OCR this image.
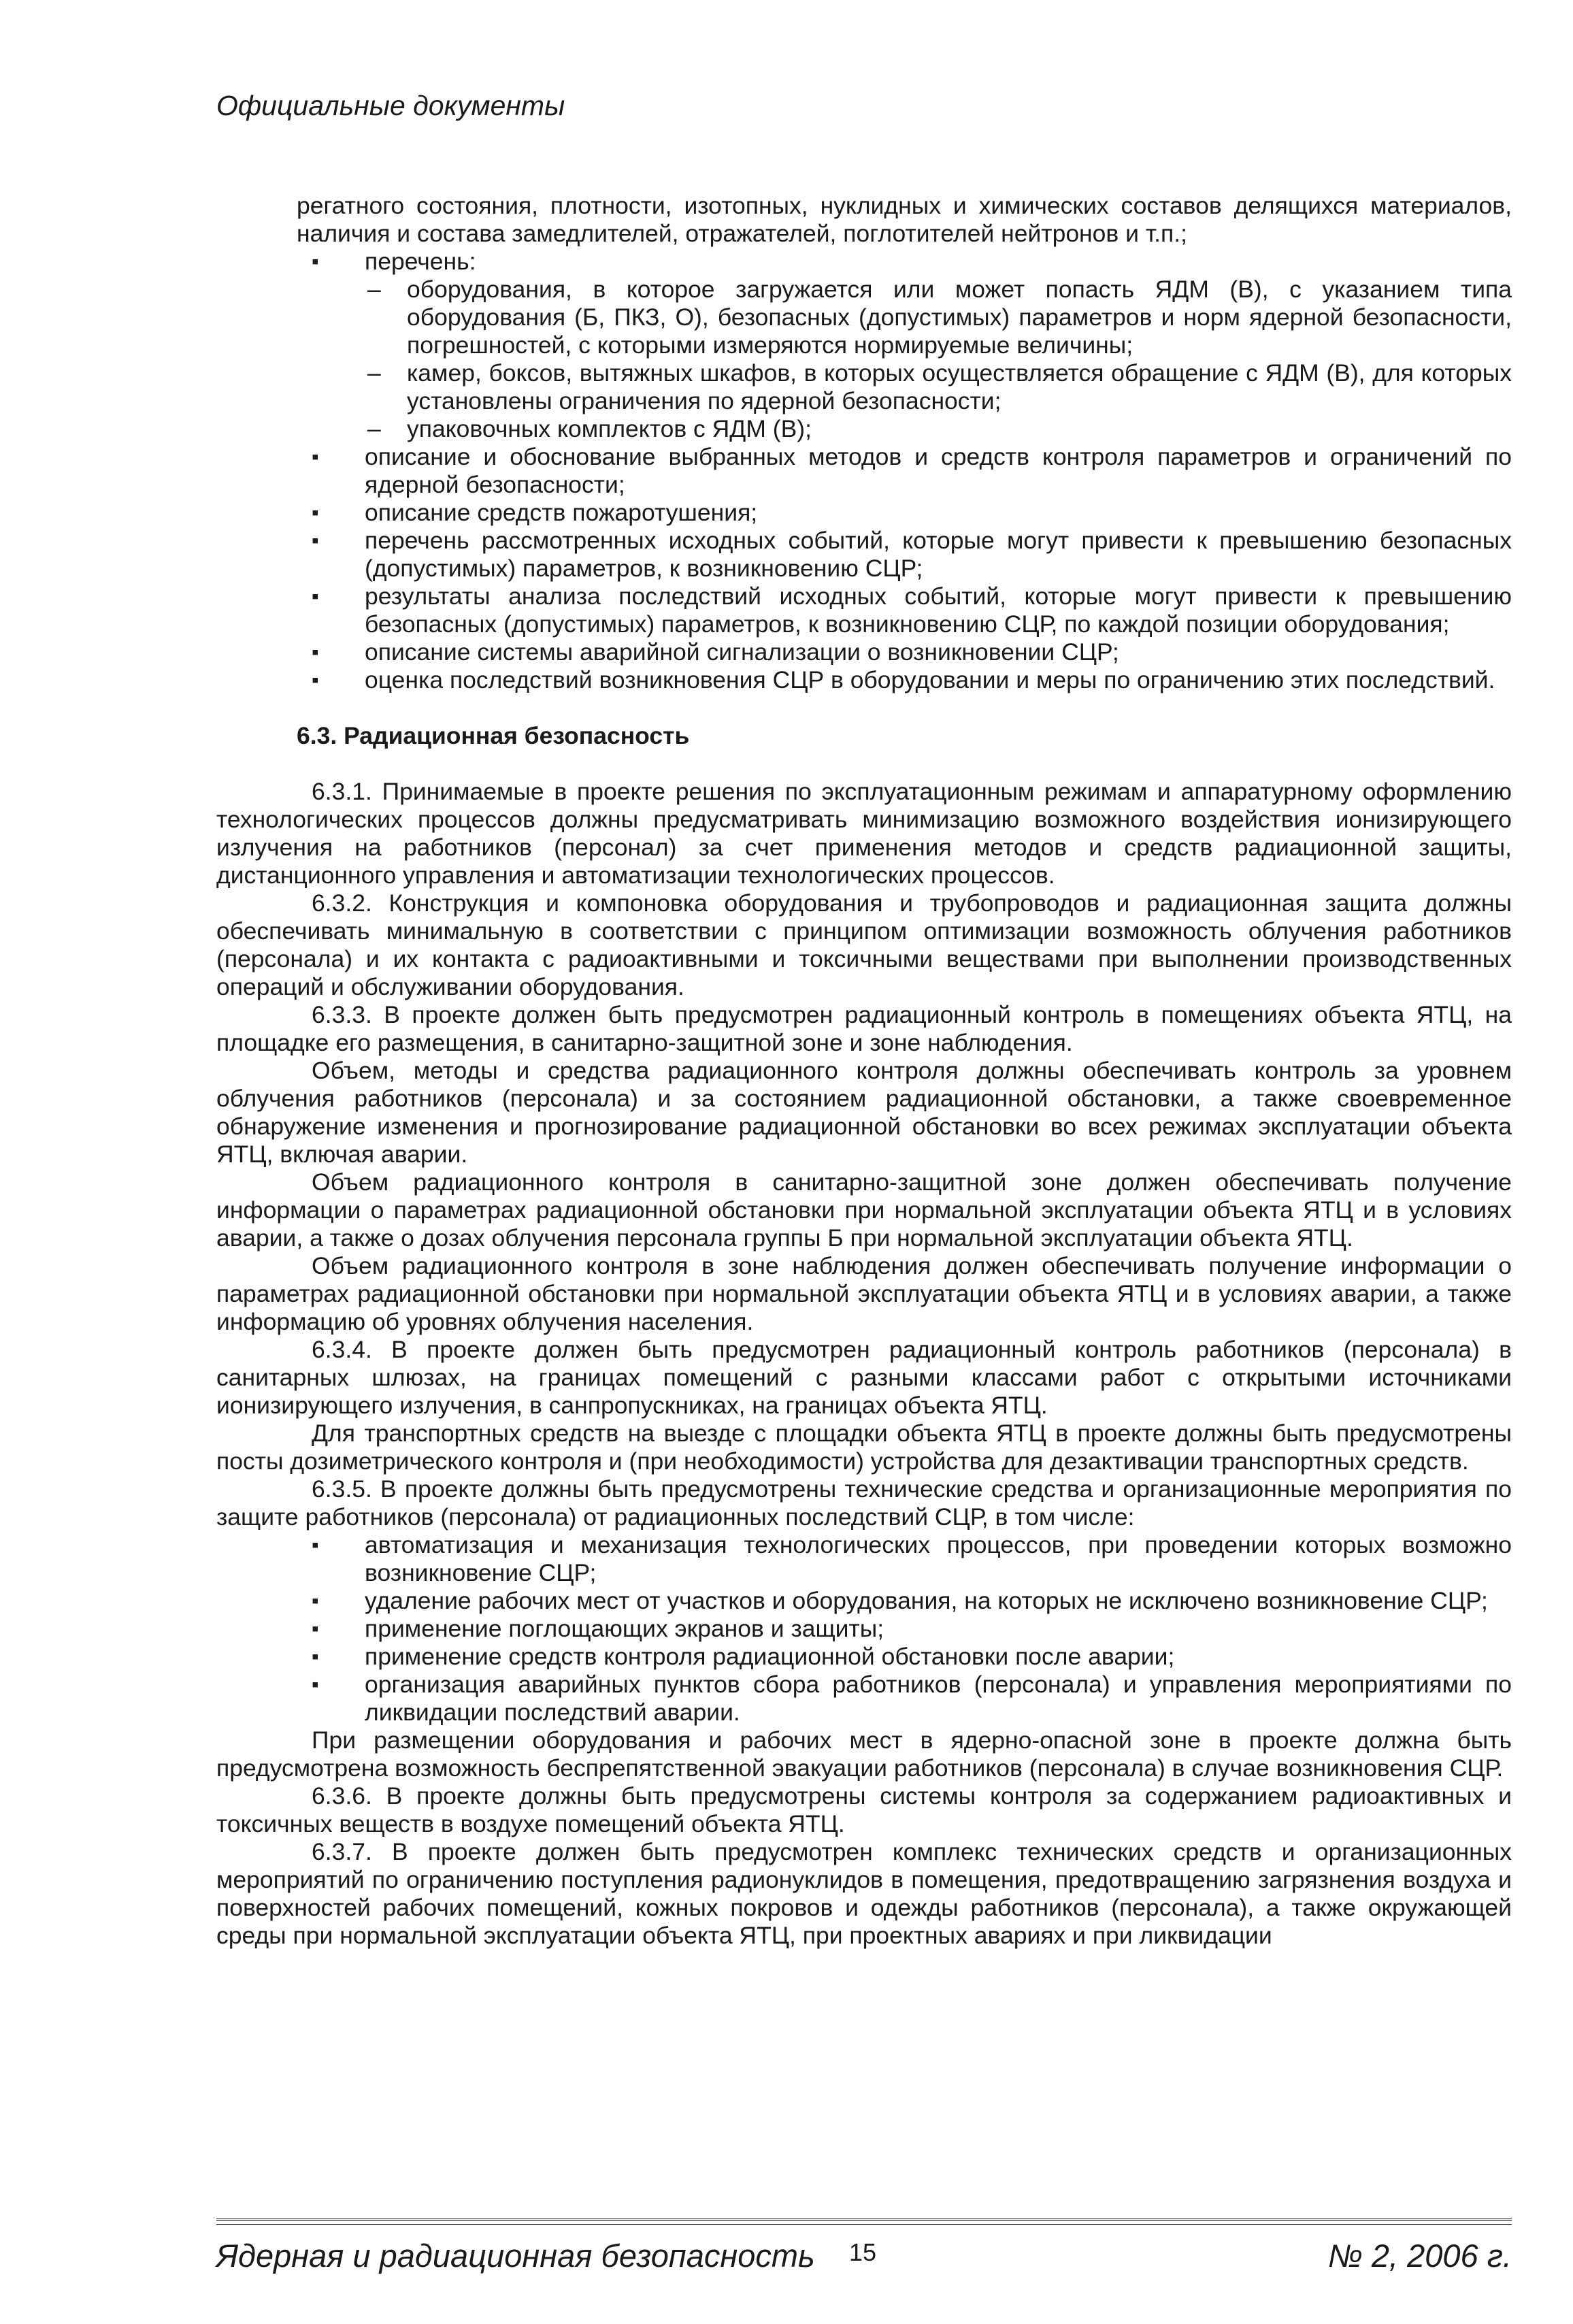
Официальные документы

регатного состояния, плотности, изотопных, нуклидных и химических составов делящихся материалов, наличия и состава замедлителей, отражателей, поглотителей нейтронов и т.п.;

▪ перечень:
– оборудования, в которое загружается или может попасть ЯДМ (В), с указанием типа оборудования (Б, ПКЗ, О), безопасных (допустимых) параметров и норм ядерной безопасности, погрешностей, с которыми измеряются нормируемые величины;
– камер, боксов, вытяжных шкафов, в которых осуществляется обращение с ЯДМ (В), для которых установлены ограничения по ядерной безопасности;
– упаковочных комплектов с ЯДМ (В);
▪ описание и обоснование выбранных методов и средств контроля параметров и ограничений по ядерной безопасности;
▪ описание средств пожаротушения;
▪ перечень рассмотренных исходных событий, которые могут привести к превышению безопасных (допустимых) параметров, к возникновению СЦР;
▪ результаты анализа последствий исходных событий, которые могут привести к превышению безопасных (допустимых) параметров, к возникновению СЦР, по каждой позиции оборудования;
▪ описание системы аварийной сигнализации о возникновении СЦР;
▪ оценка последствий возникновения СЦР в оборудовании и меры по ограничению этих последствий.

6.3. Радиационная безопасность

6.3.1. Принимаемые в проекте решения по эксплуатационным режимам и аппаратурному оформлению технологических процессов должны предусматривать минимизацию возможного воздействия ионизирующего излучения на работников (персонал) за счет применения методов и средств радиационной защиты, дистанционного управления и автоматизации технологических процессов.

6.3.2. Конструкция и компоновка оборудования и трубопроводов и радиационная защита должны обеспечивать минимальную в соответствии с принципом оптимизации возможность облучения работников (персонала) и их контакта с радиоактивными и токсичными веществами при выполнении производственных операций и обслуживании оборудования.

6.3.3. В проекте должен быть предусмотрен радиационный контроль в помещениях объекта ЯТЦ, на площадке его размещения, в санитарно-защитной зоне и зоне наблюдения.

Объем, методы и средства радиационного контроля должны обеспечивать контроль за уровнем облучения работников (персонала) и за состоянием радиационной обстановки, а также своевременное обнаружение изменения и прогнозирование радиационной обстановки во всех режимах эксплуатации объекта ЯТЦ, включая аварии.

Объем радиационного контроля в санитарно-защитной зоне должен обеспечивать получение информации о параметрах радиационной обстановки при нормальной эксплуатации объекта ЯТЦ и в условиях аварии, а также о дозах облучения персонала группы Б при нормальной эксплуатации объекта ЯТЦ.

Объем радиационного контроля в зоне наблюдения должен обеспечивать получение информации о параметрах радиационной обстановки при нормальной эксплуатации объекта ЯТЦ и в условиях аварии, а также информацию об уровнях облучения населения.

6.3.4. В проекте должен быть предусмотрен радиационный контроль работников (персонала) в санитарных шлюзах, на границах помещений с разными классами работ с открытыми источниками ионизирующего излучения, в санпропускниках, на границах объекта ЯТЦ.

Для транспортных средств на выезде с площадки объекта ЯТЦ в проекте должны быть предусмотрены посты дозиметрического контроля и (при необходимости) устройства для дезактивации транспортных средств.

6.3.5. В проекте должны быть предусмотрены технические средства и организационные мероприятия по защите работников (персонала) от радиационных последствий СЦР, в том числе:

▪ автоматизация и механизация технологических процессов, при проведении которых возможно возникновение СЦР;
▪ удаление рабочих мест от участков и оборудования, на которых не исключено возникновение СЦР;
▪ применение поглощающих экранов и защиты;
▪ применение средств контроля радиационной обстановки после аварии;
▪ организация аварийных пунктов сбора работников (персонала) и управления мероприятиями по ликвидации последствий аварии.

При размещении оборудования и рабочих мест в ядерно-опасной зоне в проекте должна быть предусмотрена возможность беспрепятственной эвакуации работников (персонала) в случае возникновения СЦР.

6.3.6. В проекте должны быть предусмотрены системы контроля за содержанием радиоактивных и токсичных веществ в воздухе помещений объекта ЯТЦ.

6.3.7. В проекте должен быть предусмотрен комплекс технических средств и организационных мероприятий по ограничению поступления радионуклидов в помещения, предотвращению загрязнения воздуха и поверхностей рабочих помещений, кожных покровов и одежды работников (персонала), а также окружающей среды при нормальной эксплуатации объекта ЯТЦ, при проектных авариях и при ликвидации

Ядерная и радиационная безопасность 15	№ 2, 2006 г.
